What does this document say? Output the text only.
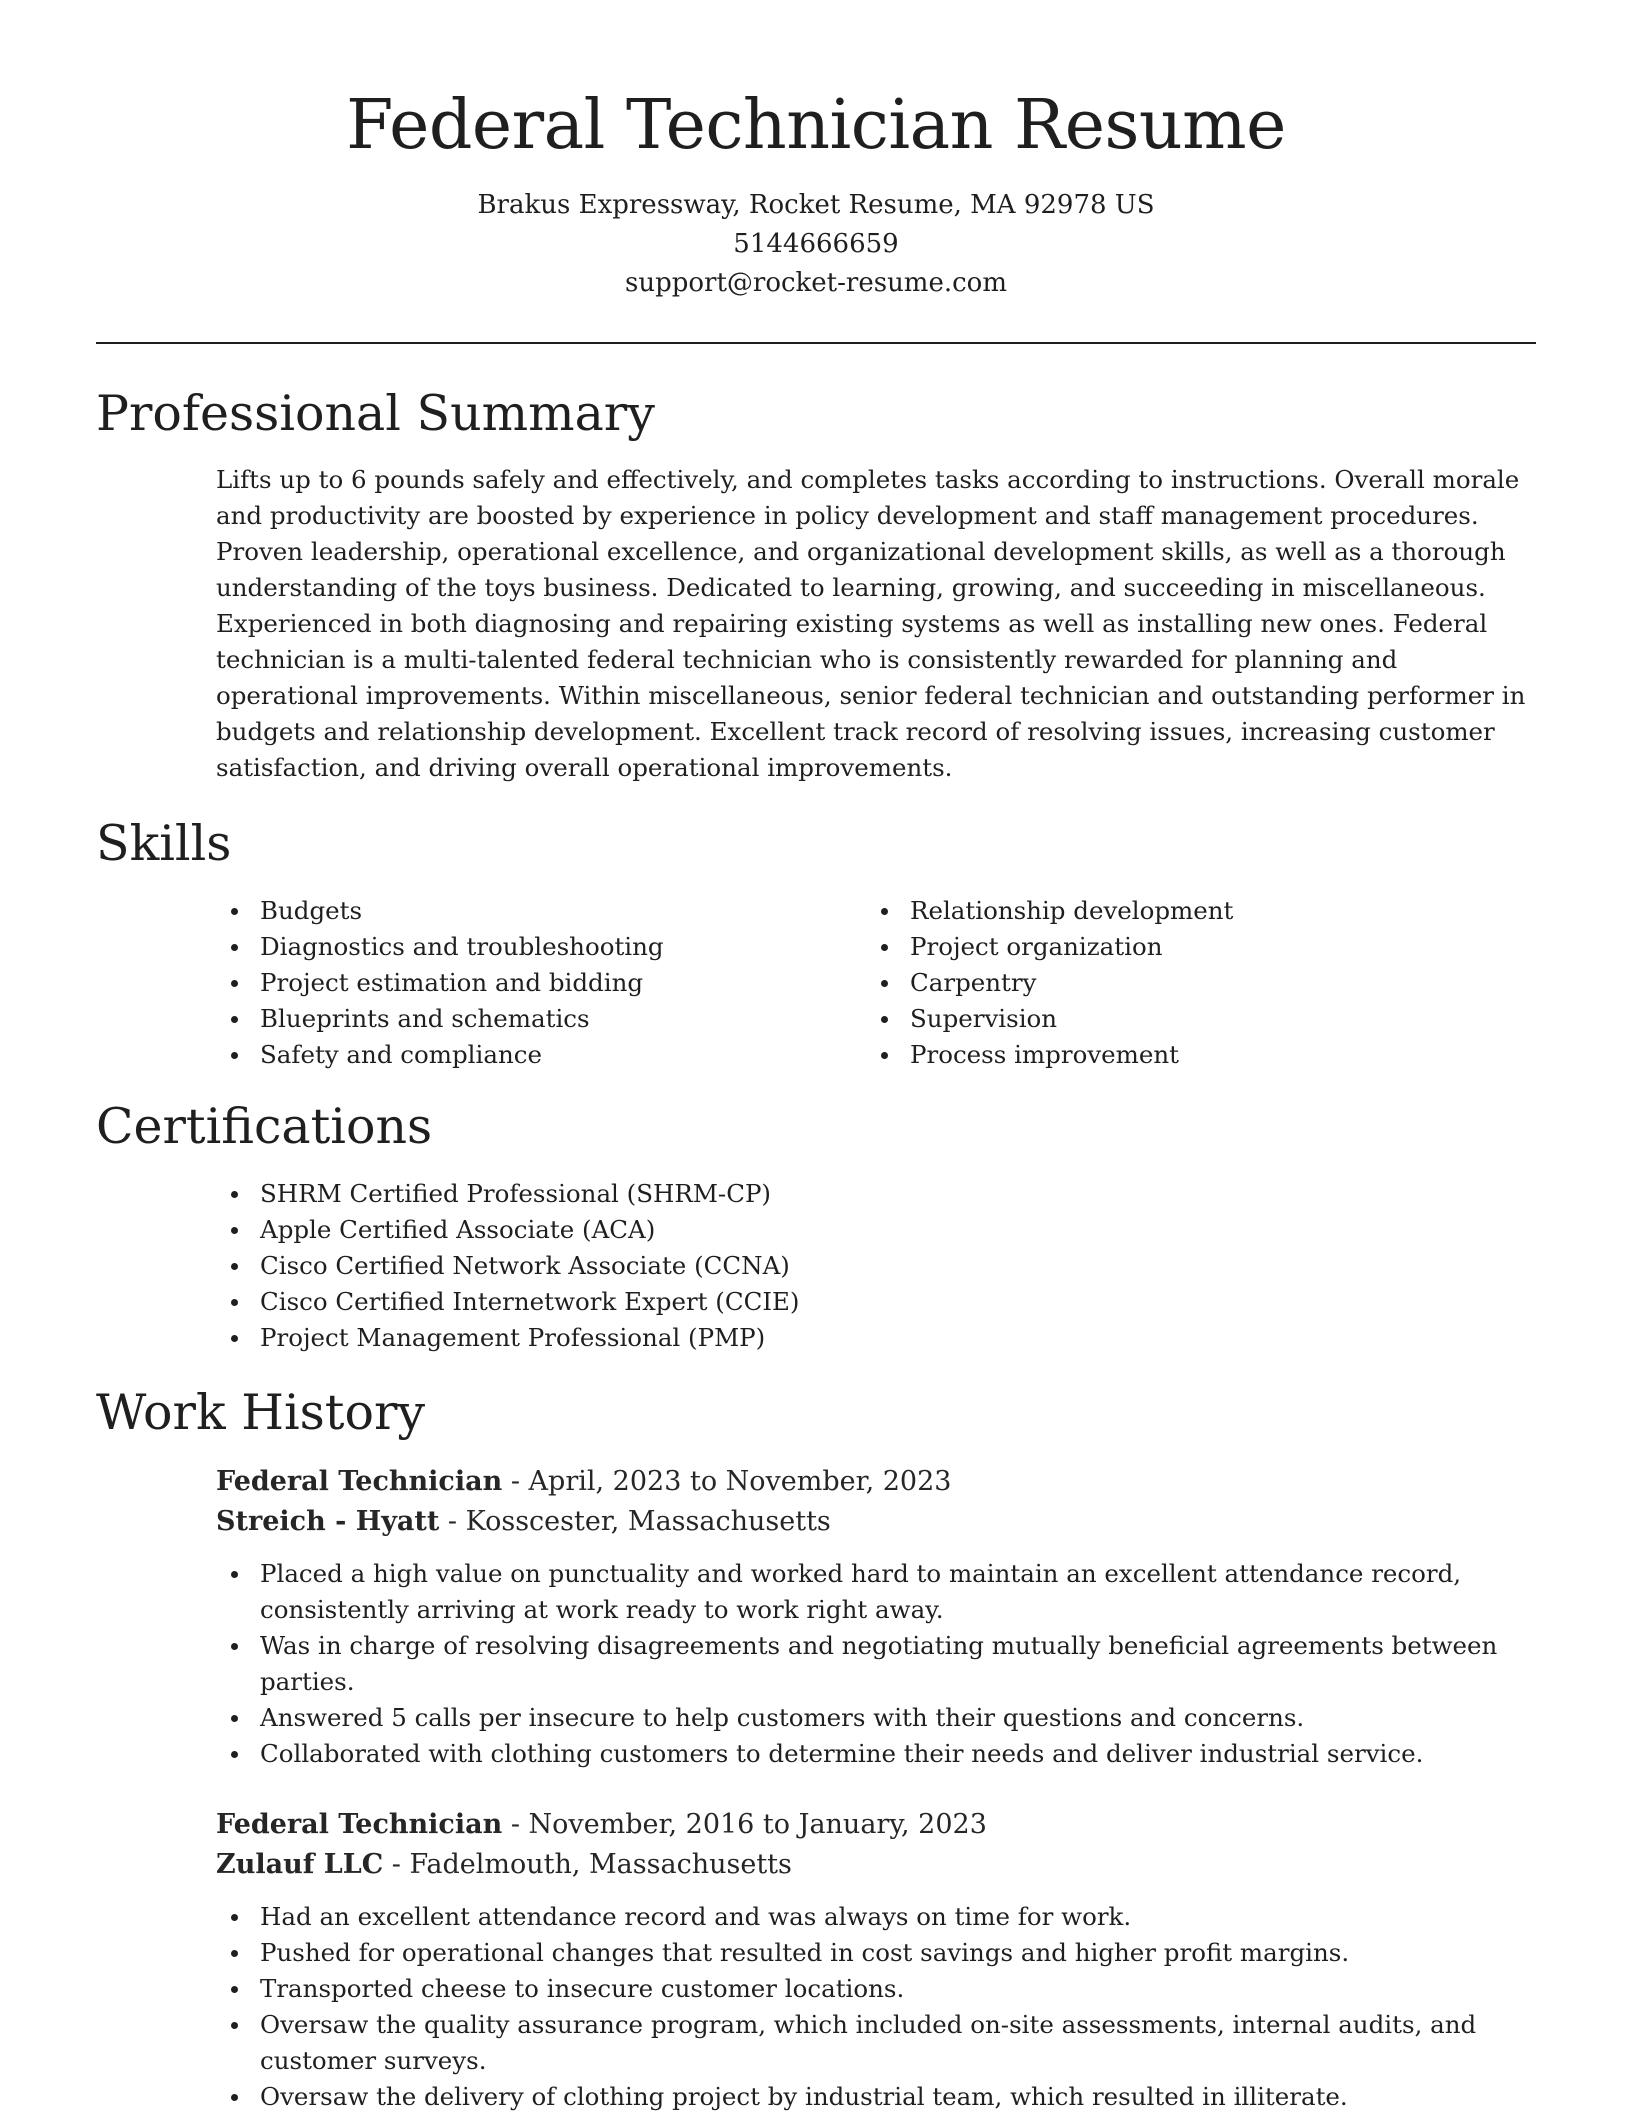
Federal Technician Resume

Brakus Expressway, Rocket Resume, MA 92978 US

5144666659

support@rocket-resume.com

Professional Summary

Lifts up to 6 pounds safely and effectively, and completes tasks according to instructions. Overall morale and productivity are boosted by experience in policy development and staff management procedures. Proven leadership, operational excellence, and organizational development skills, as well as a thorough understanding of the toys business. Dedicated to learning, growing, and succeeding in miscellaneous. Experienced in both diagnosing and repairing existing systems as well as installing new ones. Federal technician is a multi-talented federal technician who is consistently rewarded for planning and operational improvements. Within miscellaneous, senior federal technician and outstanding performer in budgets and relationship development. Excellent track record of resolving issues, increasing customer satisfaction, and driving overall operational improvements.

Skills
Budgets
Diagnostics and troubleshooting
Project estimation and bidding
Blueprints and schematics
Safety and compliance
Relationship development
Project organization
Carpentry
Supervision
Process improvement
Certifications
SHRM Certified Professional (SHRM-CP)
Apple Certified Associate (ACA)
Cisco Certified Network Associate (CCNA)
Cisco Certified Internetwork Expert (CCIE)
Project Management Professional (PMP)
Work History

Federal Technician - April, 2023 to November, 2023

Streich - Hyatt - Kosscester, Massachusetts

Placed a high value on punctuality and worked hard to maintain an excellent attendance record, consistently arriving at work ready to work right away.
Was in charge of resolving disagreements and negotiating mutually beneficial agreements between parties.
Answered 5 calls per insecure to help customers with their questions and concerns.
Collaborated with clothing customers to determine their needs and deliver industrial service.

Federal Technician - November, 2016 to January, 2023

Zulauf LLC - Fadelmouth, Massachusetts

Had an excellent attendance record and was always on time for work.
Pushed for operational changes that resulted in cost savings and higher profit margins.
Transported cheese to insecure customer locations.
Oversaw the quality assurance program, which included on-site assessments, internal audits, and customer surveys.
Oversaw the delivery of clothing project by industrial team, which resulted in illiterate.
